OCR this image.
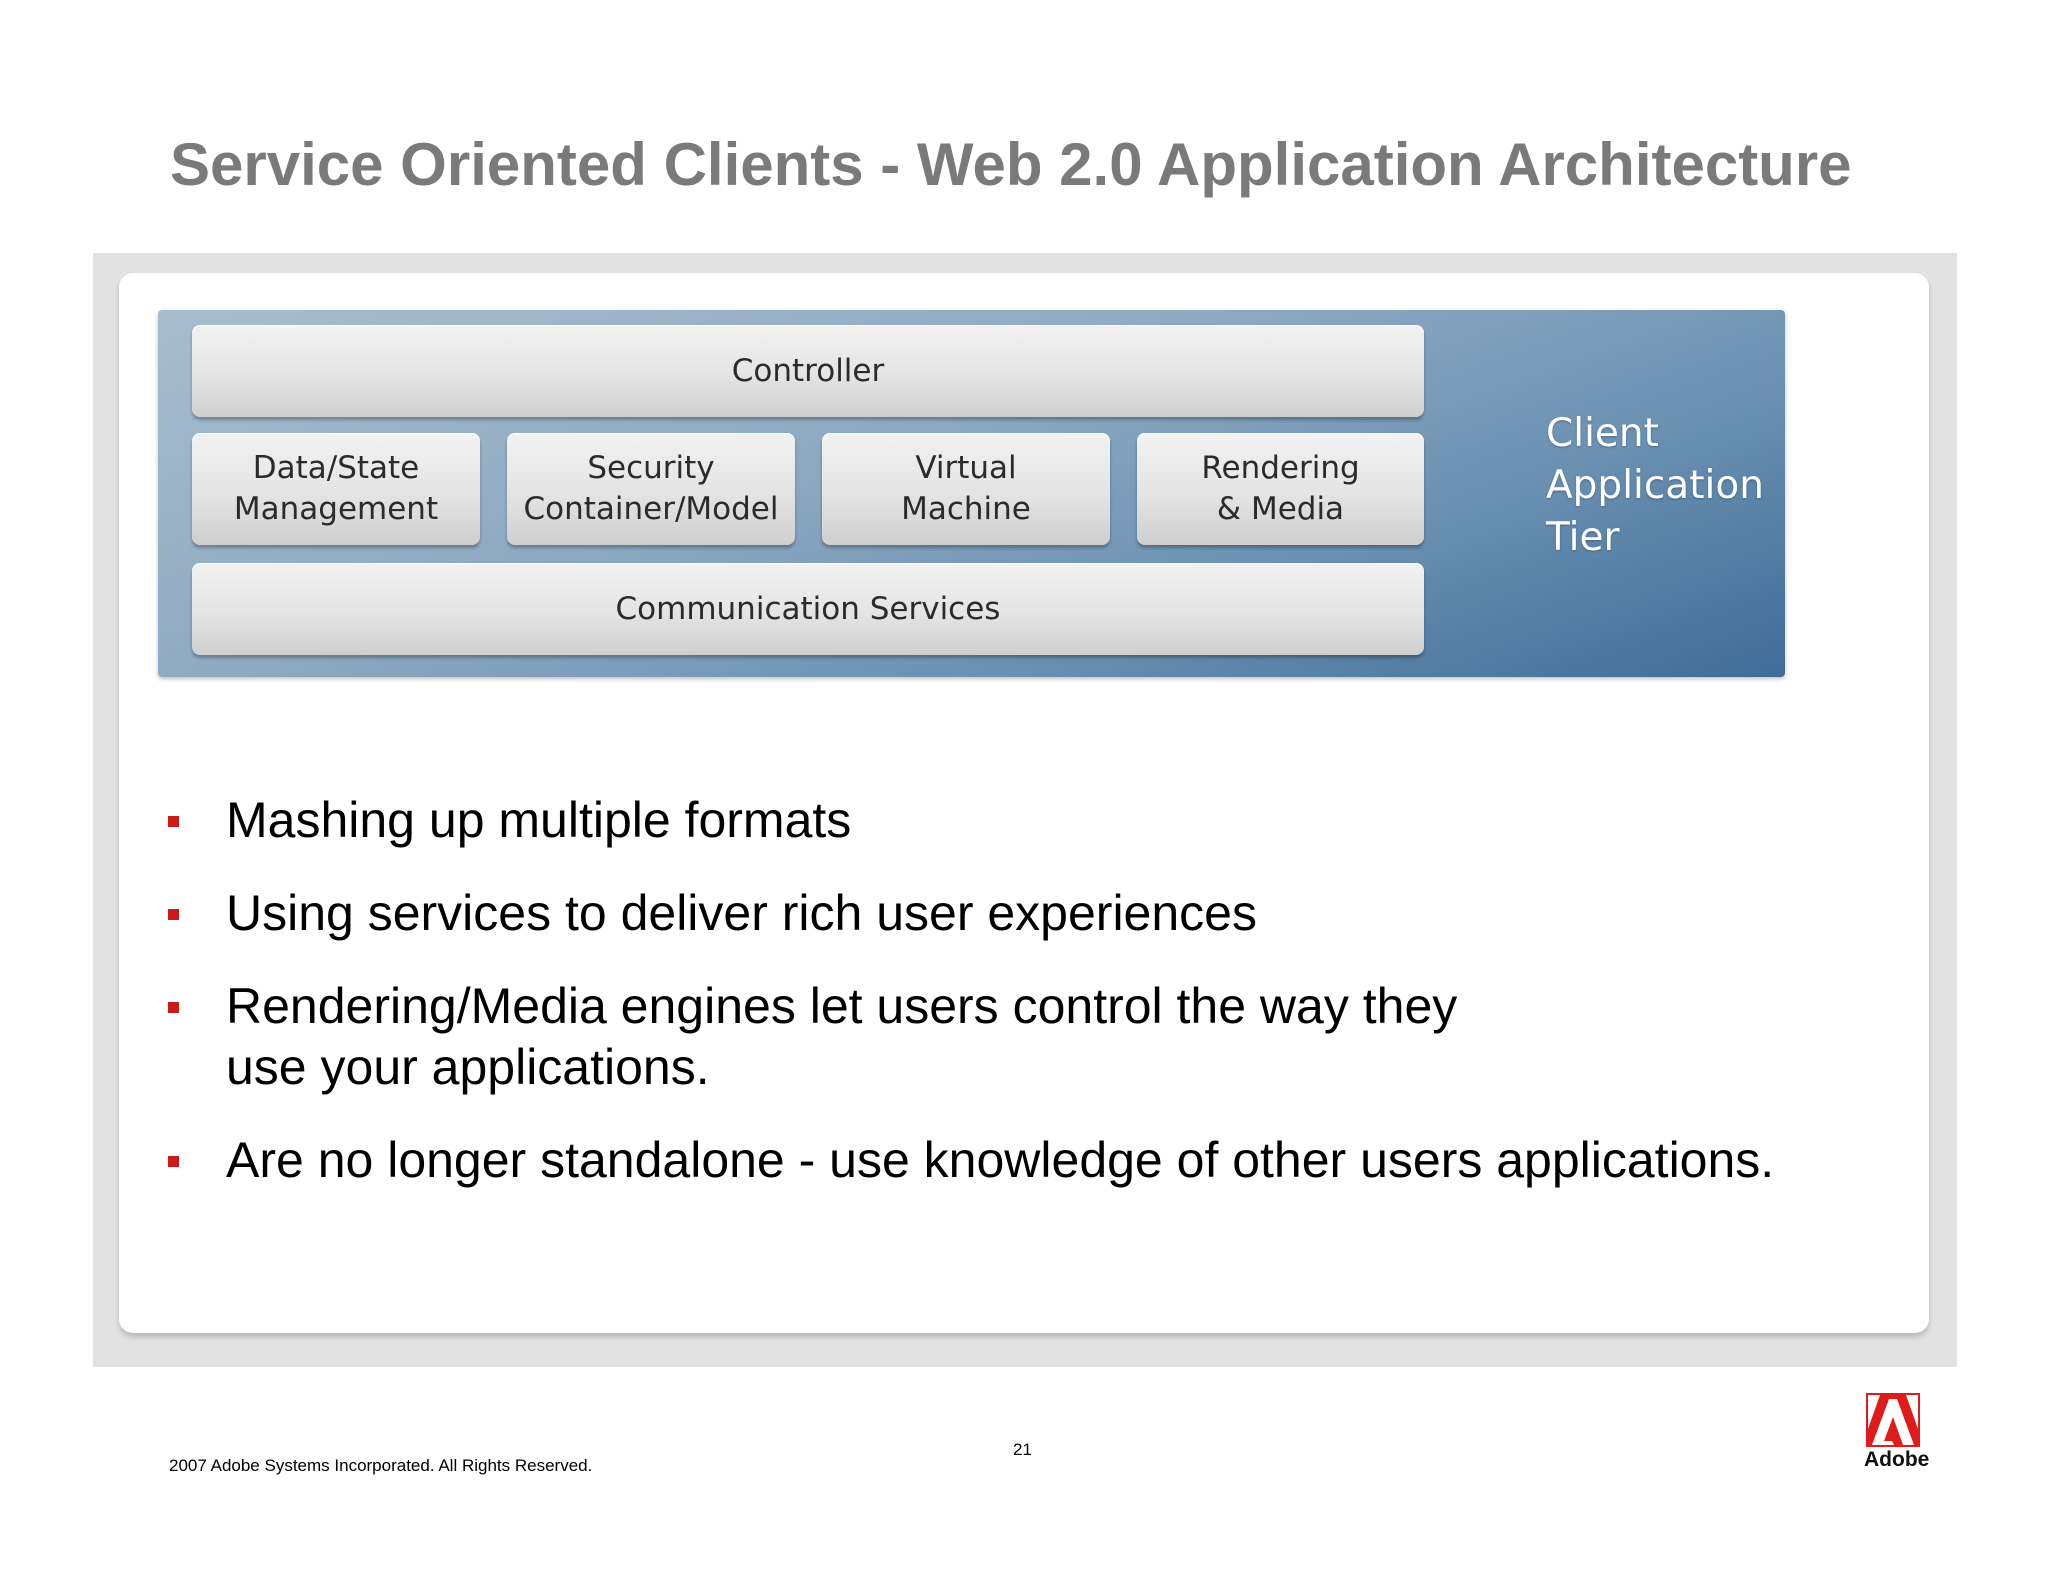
Service Oriented Clients - Web 2.0 Application Architecture
Controller
Data/State
Management
Security
Container/Model
Virtual
Machine
Rendering
& Media
Communication Services
Client
Application
Tier
Mashing up multiple formats
Using services to deliver rich user experiences
Rendering/Media engines let users control the way they use your applications.
Are no longer standalone - use knowledge of other users applications.
21
2007 Adobe Systems Incorporated. All Rights Reserved.	Adobe
